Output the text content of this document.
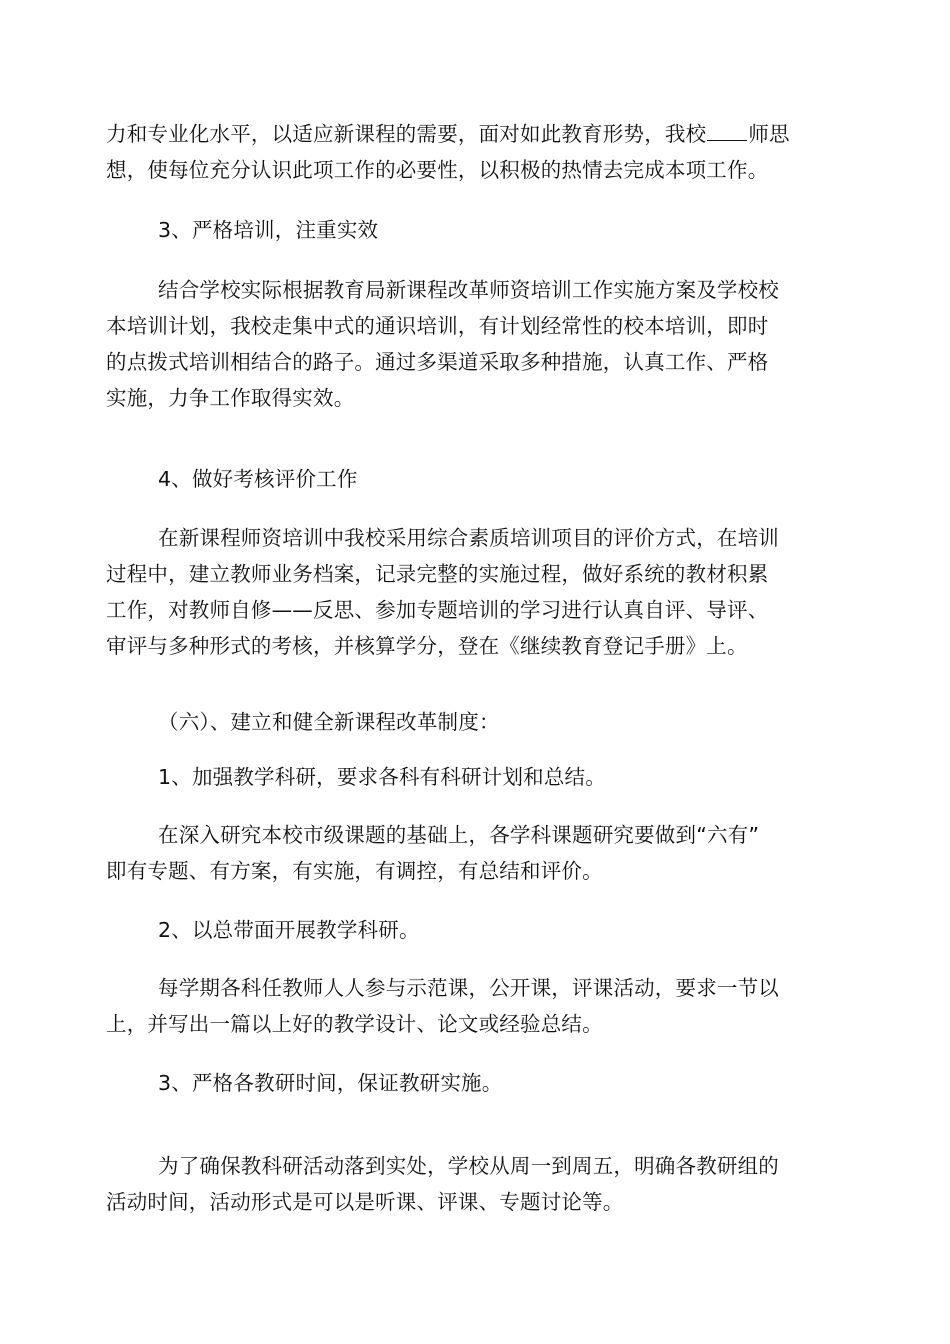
力和专业化水平，以适应新课程的需要，面对如此教育形势，我校 师思
想，使每位充分认识此项工作的必要性，以积极的热情去完成本项工作。
3、严格培训，注重实效
结合学校实际根据教育局新课程改革师资培训工作实施方案及学校校
本培训计划，我校走集中式的通识培训，有计划经常性的校本培训，即时
的点拨式培训相结合的路子。通过多渠道采取多种措施，认真工作、严格
实施，力争工作取得实效。
4、做好考核评价工作
在新课程师资培训中我校采用综合素质培训项目的评价方式，在培训
过程中，建立教师业务档案，记录完整的实施过程，做好系统的教材积累
工作，对教师自修——反思、参加专题培训的学习进行认真自评、导评、
审评与多种形式的考核，并核算学分，登在《继续教育登记手册》上。
（六）、建立和健全新课程改革制度：
1、加强教学科研，要求各科有科研计划和总结。
在深入研究本校市级课题的基础上，各学科课题研究要做到“六有”
即有专题、有方案，有实施，有调控，有总结和评价。
2、以总带面开展教学科研。
每学期各科任教师人人参与示范课，公开课，评课活动，要求一节以
上，并写出一篇以上好的教学设计、论文或经验总结。
3、严格各教研时间，保证教研实施。
为了确保教科研活动落到实处，学校从周一到周五，明确各教研组的
活动时间，活动形式是可以是听课、评课、专题讨论等。
